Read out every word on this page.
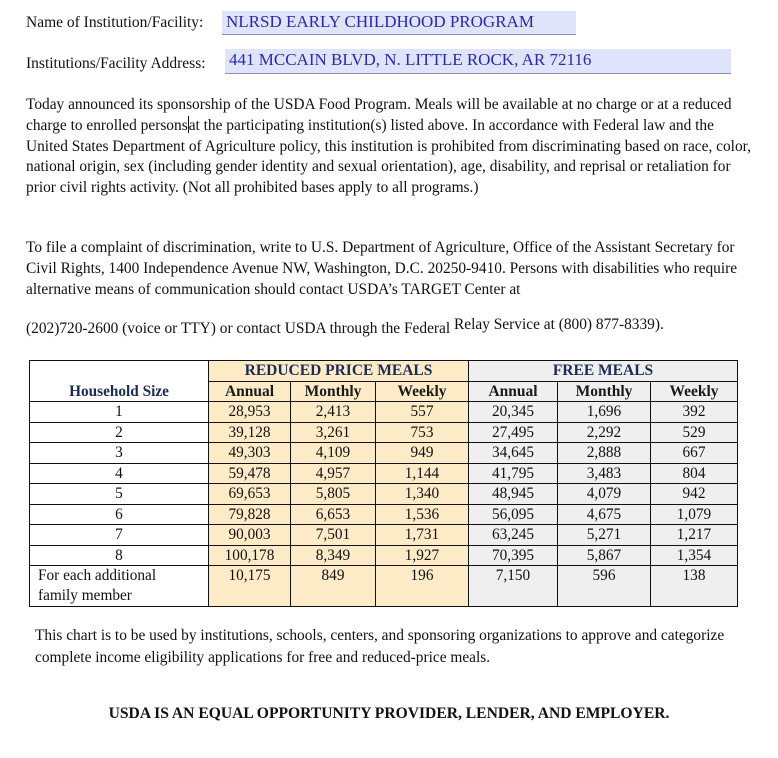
Name of Institution/Facility: NLRSD EARLY CHILDHOOD PROGRAM
Institutions/Facility Address: 441 MCCAIN BLVD, N. LITTLE ROCK, AR 72116
Today announced its sponsorship of the USDA Food Program. Meals will be available at no charge or at a reduced charge to enrolled personsat the participating institution(s) listed above. In accordance with Federal law and the United States Department of Agriculture policy, this institution is prohibited from discriminating based on race, color, national origin, sex (including gender identity and sexual orientation), age, disability, and reprisal or retaliation for prior civil rights activity. (Not all prohibited bases apply to all programs.)
To file a complaint of discrimination, write to U.S. Department of Agriculture, Office of the Assistant Secretary for Civil Rights, 1400 Independence Avenue NW, Washington, D.C. 20250-9410. Persons with disabilities who require alternative means of communication should contact USDA’s TARGET Center at
(202)720-2600 (voice or TTY) or contact USDA through the Federal Relay Service at (800) 877-8339).
Household Size	REDUCED PRICE MEALS			FREE MEALS		
	Annual	Monthly	Weekly	Annual	Monthly	Weekly
1	28,953	2,413	557	20,345	1,696	392
2	39,128	3,261	753	27,495	2,292	529
3	49,303	4,109	949	34,645	2,888	667
4	59,478	4,957	1,144	41,795	3,483	804
5	69,653	5,805	1,340	48,945	4,079	942
6	79,828	6,653	1,536	56,095	4,675	1,079
7	90,003	7,501	1,731	63,245	5,271	1,217
8	100,178	8,349	1,927	70,395	5,867	1,354
For each additional
family member	10,175	849	196	7,150	596	138
This chart is to be used by institutions, schools, centers, and sponsoring organizations to approve and categorize complete income eligibility applications for free and reduced-price meals.
USDA IS AN EQUAL OPPORTUNITY PROVIDER, LENDER, AND EMPLOYER.
